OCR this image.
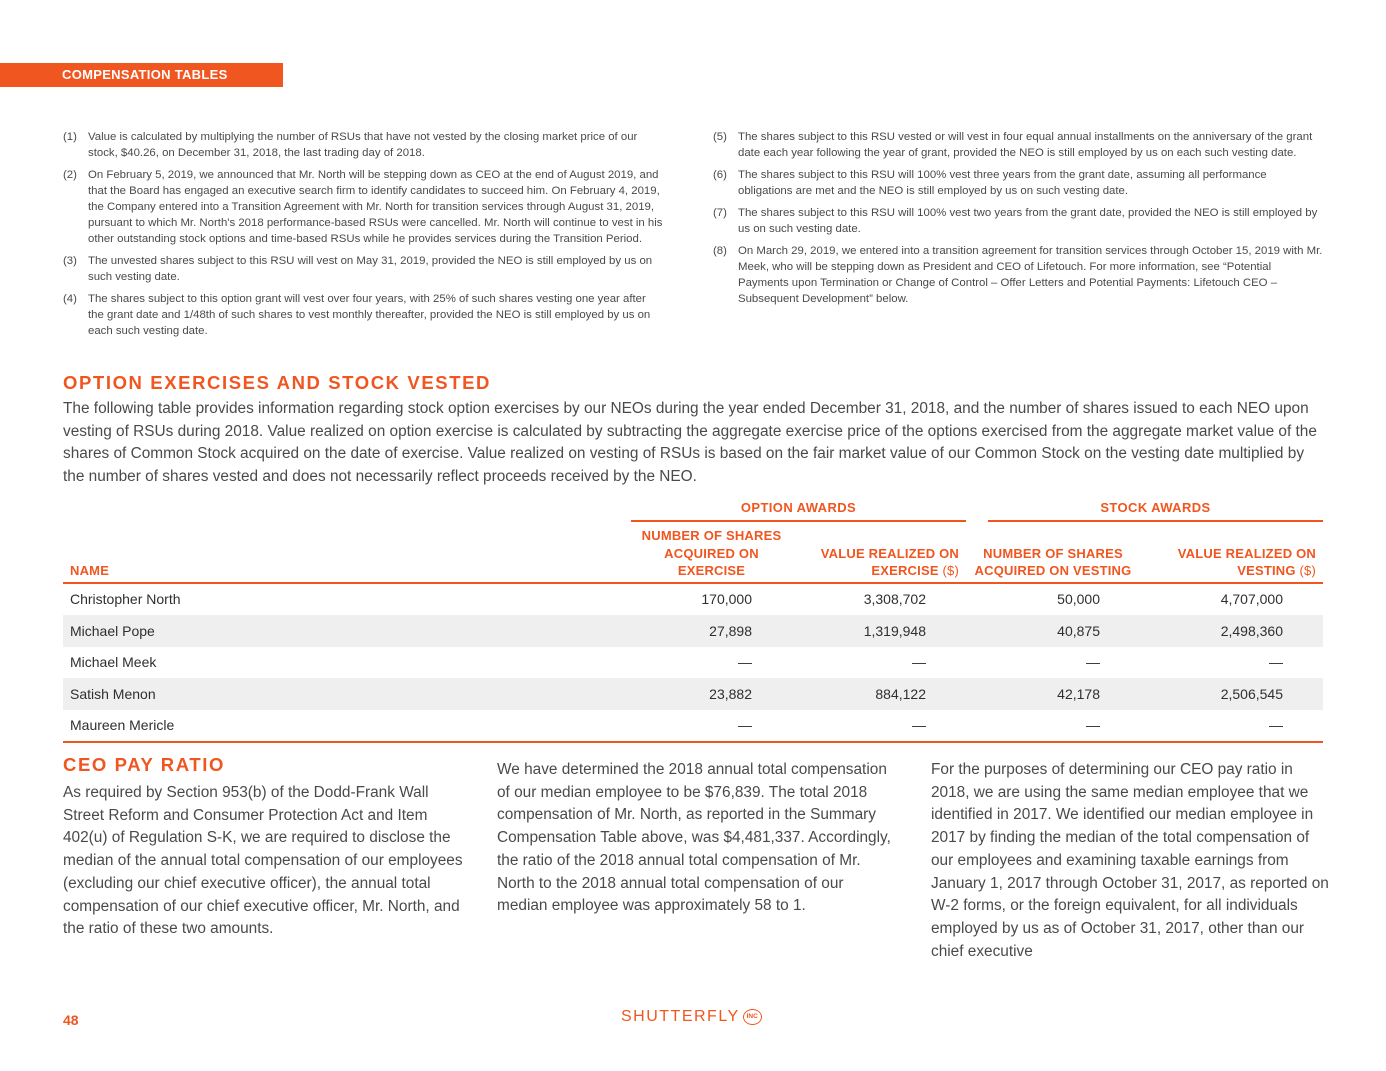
COMPENSATION TABLES
(1) Value is calculated by multiplying the number of RSUs that have not vested by the closing market price of our stock, $40.26, on December 31, 2018, the last trading day of 2018.
(2) On February 5, 2019, we announced that Mr. North will be stepping down as CEO at the end of August 2019, and that the Board has engaged an executive search firm to identify candidates to succeed him. On February 4, 2019, the Company entered into a Transition Agreement with Mr. North for transition services through August 31, 2019, pursuant to which Mr. North's 2018 performance-based RSUs were cancelled. Mr. North will continue to vest in his other outstanding stock options and time-based RSUs while he provides services during the Transition Period.
(3) The unvested shares subject to this RSU will vest on May 31, 2019, provided the NEO is still employed by us on such vesting date.
(4) The shares subject to this option grant will vest over four years, with 25% of such shares vesting one year after the grant date and 1/48th of such shares to vest monthly thereafter, provided the NEO is still employed by us on each such vesting date.
(5) The shares subject to this RSU vested or will vest in four equal annual installments on the anniversary of the grant date each year following the year of grant, provided the NEO is still employed by us on each such vesting date.
(6) The shares subject to this RSU will 100% vest three years from the grant date, assuming all performance obligations are met and the NEO is still employed by us on such vesting date.
(7) The shares subject to this RSU will 100% vest two years from the grant date, provided the NEO is still employed by us on such vesting date.
(8) On March 29, 2019, we entered into a transition agreement for transition services through October 15, 2019 with Mr. Meek, who will be stepping down as President and CEO of Lifetouch. For more information, see “Potential Payments upon Termination or Change of Control – Offer Letters and Potential Payments: Lifetouch CEO – Subsequent Development” below.
OPTION EXERCISES AND STOCK VESTED

The following table provides information regarding stock option exercises by our NEOs during the year ended December 31, 2018, and the number of shares issued to each NEO upon vesting of RSUs during 2018. Value realized on option exercise is calculated by subtracting the aggregate exercise price of the options exercised from the aggregate market value of the shares of Common Stock acquired on the date of exercise. Value realized on vesting of RSUs is based on the fair market value of our Common Stock on the vesting date multiplied by the number of shares vested and does not necessarily reflect proceeds received by the NEO.

OPTION AWARDS	STOCK AWARDS
NAME	NUMBER OF SHARES ACQUIRED ON EXERCISE	VALUE REALIZED ON EXERCISE ($)	NUMBER OF SHARES ACQUIRED ON VESTING	VALUE REALIZED ON VESTING ($)
Christopher North	170,000	3,308,702	50,000	4,707,000
Michael Pope	27,898	1,319,948	40,875	2,498,360
Michael Meek	—	—	—	—
Satish Menon	23,882	884,122	42,178	2,506,545
Maureen Mericle	—	—	—	—
CEO PAY RATIO

As required by Section 953(b) of the Dodd-Frank Wall Street Reform and Consumer Protection Act and Item 402(u) of Regulation S-K, we are required to disclose the median of the annual total compensation of our employees (excluding our chief executive officer), the annual total compensation of our chief executive officer, Mr. North, and the ratio of these two amounts.

We have determined the 2018 annual total compensation of our median employee to be $76,839. The total 2018 compensation of Mr. North, as reported in the Summary Compensation Table above, was $4,481,337. Accordingly, the ratio of the 2018 annual total compensation of Mr. North to the 2018 annual total compensation of our median employee was approximately 58 to 1.

For the purposes of determining our CEO pay ratio in 2018, we are using the same median employee that we identified in 2017. We identified our median employee in 2017 by finding the median of the total compensation of our employees and examining taxable earnings from January 1, 2017 through October 31, 2017, as reported on W-2 forms, or the foreign equivalent, for all individuals employed by us as of October 31, 2017, other than our chief executive

48	SHUTTERFLY	INC
